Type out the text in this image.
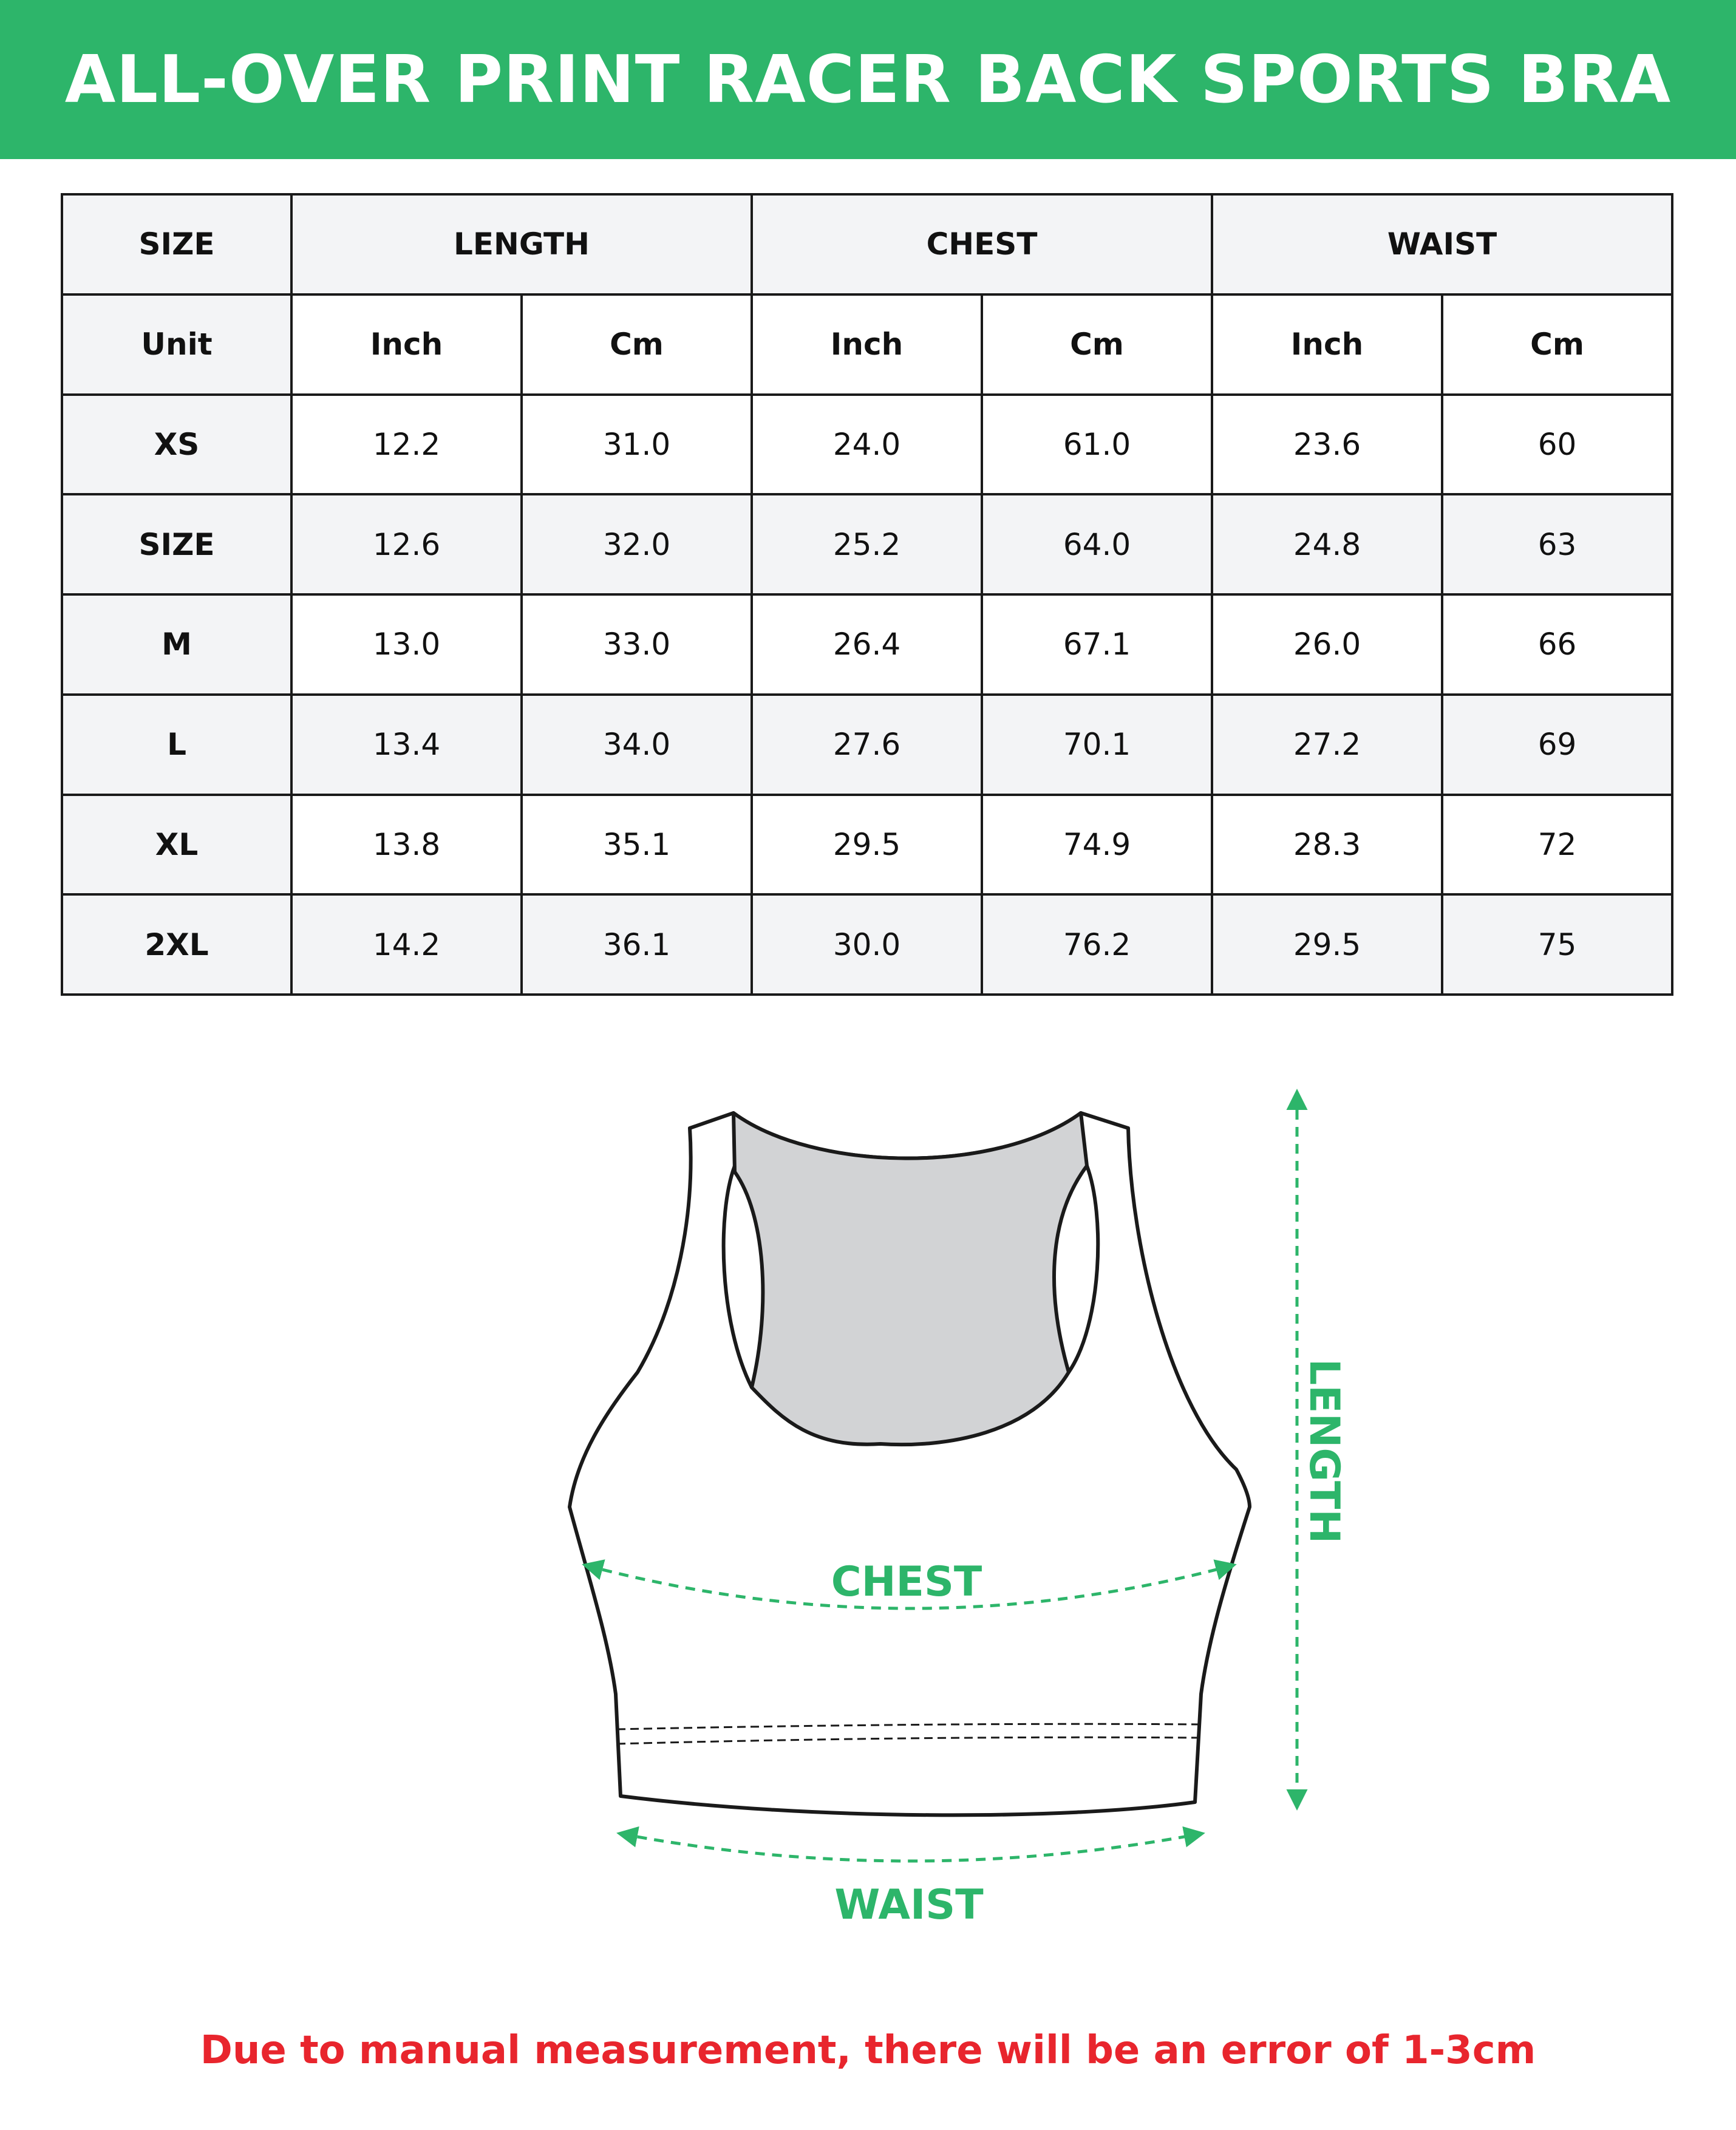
ALL-OVER PRINT RACER BACK SPORTS BRA
SIZE	LENGTH		CHEST		WAIST	
Unit	Inch	Cm	Inch	Cm	Inch	Cm
XS	12.2	31.0	24.0	61.0	23.6	60
SIZE	12.6	32.0	25.2	64.0	24.8	63
M	13.0	33.0	26.4	67.1	26.0	66
L	13.4	34.0	27.6	70.1	27.2	69
XL	13.8	35.1	29.5	74.9	28.3	72
2XL	14.2	36.1	30.0	76.2	29.5	75
CHEST
WAIST
LENGTH
Due to manual measurement, there will be an error of 1-3cm
